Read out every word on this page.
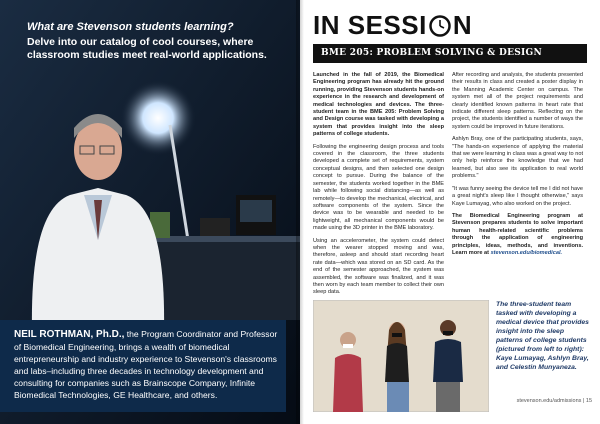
What are Stevenson students learning?
Delve into our catalog of cool courses, where classroom studies meet real-world applications.
NEIL ROTHMAN, Ph.D., the Program Coordinator and Professor of Biomedical Engineering, brings a wealth of biomedical entrepreneurship and industry experience to Stevenson's classrooms and labs–including three decades in technology development and consulting for companies such as Brainscope Company, Infinite Biomedical Technologies, GE Healthcare, and others.
IN SESSI N
BME 205: PROBLEM SOLVING & DESIGN

Launched in the fall of 2019, the Biomedical Engineering program has already hit the ground running, providing Stevenson students hands-on experience in the research and development of medical technologies and devices. The three-student team in the BME 205: Problem Solving and Design course was tasked with developing a system that provides insight into the sleep patterns of college students.

Following the engineering design process and tools covered in the classroom, the three students developed a complete set of requirements, system conceptual designs, and then selected one design concept to pursue. During the balance of the semester, the students worked together in the BME lab while following social distancing—as well as remotely—to develop the mechanical, electrical, and software components of the system. Since the device was to be wearable and needed to be lightweight, all mechanical components would be made using the 3D printer in the BME laboratory.

Using an accelerometer, the system could detect when the wearer stopped moving and was, therefore, asleep and should start recording heart rate data—which was stored on an SD card. As the end of the semester approached, the system was assembled, the software was finalized, and it was then worn by each team member to collect their own sleep data.

After recording and analysis, the students presented their results in class and created a poster display in the Manning Academic Center on campus. The system met all of the project requirements and clearly identified known patterns in heart rate that indicate different sleep patterns. Reflecting on the project, the students identified a number of ways the system could be improved in future iterations.

Ashlyn Bray, one of the participating students, says, "The hands-on experience of applying the material that we were learning in class was a great way to not only help reinforce the knowledge that we had learned, but also see its application to real world problems."

"It was funny seeing the device tell me I did not have a great night's sleep like I thought otherwise," says Kaye Lumayag, who also worked on the project.

The Biomedical Engineering program at Stevenson prepares students to solve important human health-related scientific problems through the application of engineering principles, ideas, methods, and inventions. Learn more at stevenson.edu/biomedical.

The three-student team tasked with developing a medical device that provides insight into the sleep patterns of college students (pictured from left to right): Kaye Lumayag, Ashlyn Bray, and Celestin Munyaneza.
stevenson.edu/admissions | 15
